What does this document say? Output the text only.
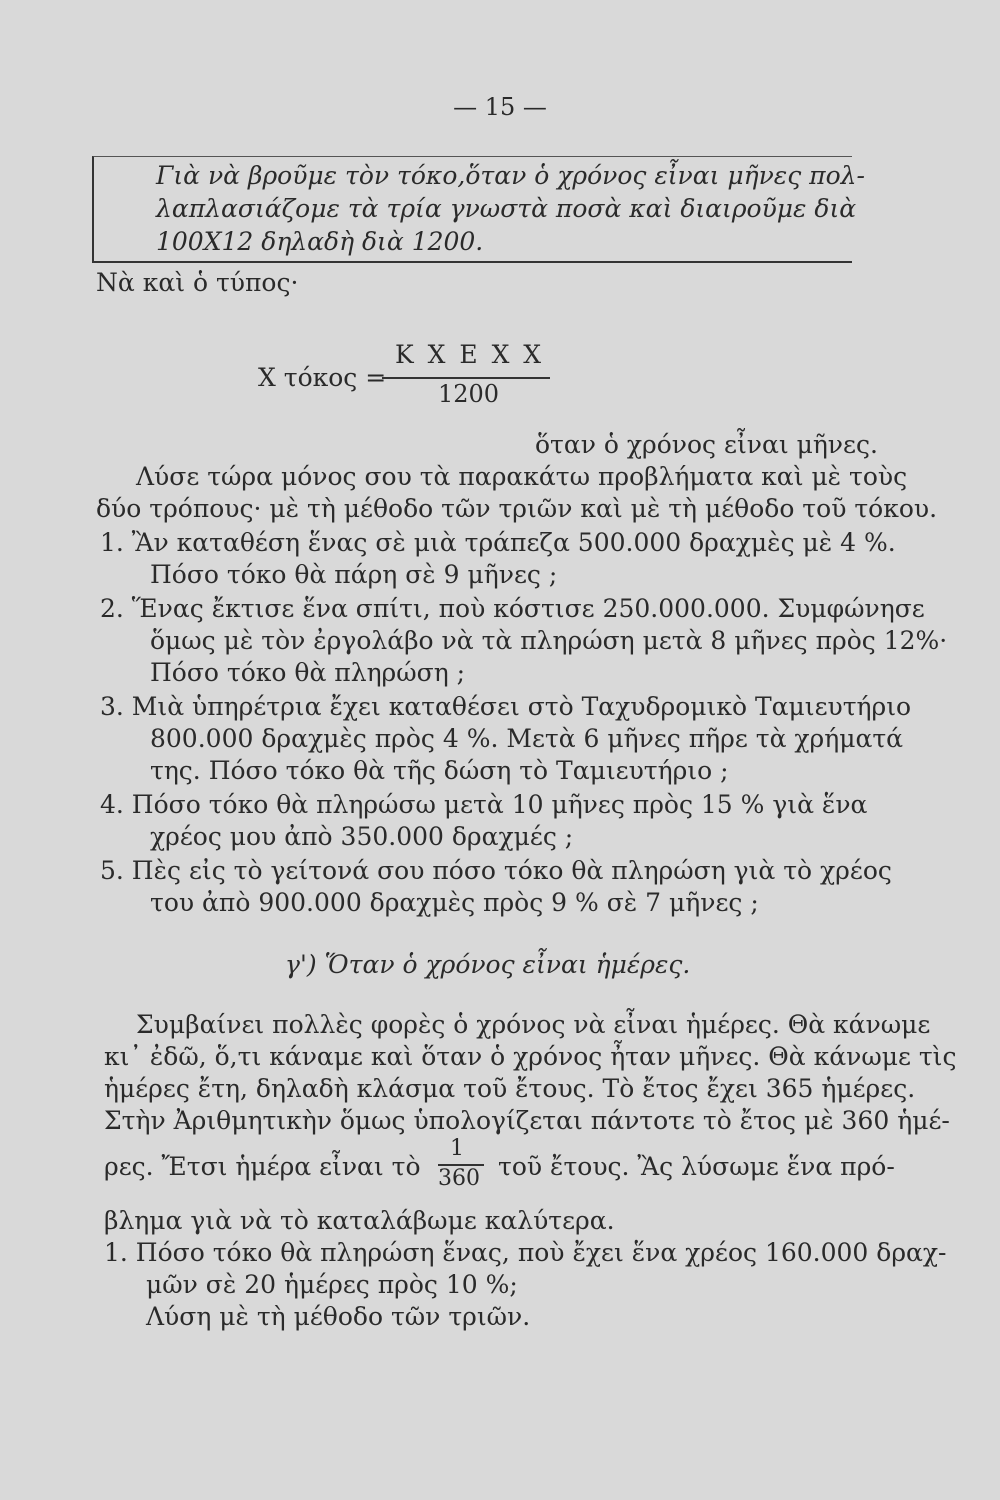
— 15 —
Γιὰ νὰ βροῦμε τὸν τόκο,ὅταν ὁ χρόνος εἶναι μῆνες πολ-
λαπλασιάζομε τὰ τρία γνωστὰ ποσὰ καὶ διαιροῦμε διὰ
100Χ12 δηλαδὴ διὰ 1200.
Νὰ καὶ ὁ τύπος·
Χ τόκος =
Κ Χ Ε Χ Χ
1200
ὅταν ὁ χρόνος εἶναι μῆνες.
Λύσε τώρα μόνος σου τὰ παρακάτω προβλήματα καὶ μὲ τοὺς
δύο τρόπους· μὲ τὴ μέθοδο τῶν τριῶν καὶ μὲ τὴ μέθοδο τοῦ τόκου.
1. Ἂν καταθέση ἕνας σὲ μιὰ τράπεζα 500.000 δραχμὲς μὲ 4 %.
Πόσο τόκο θὰ πάρη σὲ 9 μῆνες ;
2. Ἕνας ἔκτισε ἕνα σπίτι, ποὺ κόστισε 250.000.000. Συμφώνησε
ὅμως μὲ τὸν ἐργολάβο νὰ τὰ πληρώση μετὰ 8 μῆνες πρὸς 12%·
Πόσο τόκο θὰ πληρώση ;
3. Μιὰ ὑπηρέτρια ἔχει καταθέσει στὸ Ταχυδρομικὸ Ταμιευτήριο
800.000 δραχμὲς πρὸς 4 %. Μετὰ 6 μῆνες πῆρε τὰ χρήματά
της. Πόσο τόκο θὰ τῆς δώση τὸ Ταμιευτήριο ;
4. Πόσο τόκο θὰ πληρώσω μετὰ 10 μῆνες πρὸς 15 % γιὰ ἕνα
χρέος μου ἀπὸ 350.000 δραχμές ;
5. Πὲς εἰς τὸ γείτονά σου πόσο τόκο θὰ πληρώση γιὰ τὸ χρέος
του ἀπὸ 900.000 δραχμὲς πρὸς 9 % σὲ 7 μῆνες ;
γ') Ὅταν ὁ χρόνος εἶναι ἡμέρες.
Συμβαίνει πολλὲς φορὲς ὁ χρόνος νὰ εἶναι ἡμέρες. Θὰ κάνωμε
κι᾽ ἐδῶ, ὅ,τι κάναμε καὶ ὅταν ὁ χρόνος ἦταν μῆνες. Θὰ κάνωμε τὶς
ἡμέρες ἔτη, δηλαδὴ κλάσμα τοῦ ἔτους. Τὸ ἔτος ἔχει 365 ἡμέρες.
Στὴν Ἀριθμητικὴν ὅμως ὑπολογίζεται πάντοτε τὸ ἔτος μὲ 360 ἡμέ-
ρες. Ἔτσι ἡμέρα εἶναι τὸ
1
360 τοῦ ἔτους. Ἂς λύσωμε ἕνα πρό-
βλημα γιὰ νὰ τὸ καταλάβωμε καλύτερα.
1. Πόσο τόκο θὰ πληρώση ἕνας, ποὺ ἔχει ἕνα χρέος 160.000 δραχ-
μῶν σὲ 20 ἡμέρες πρὸς 10 %;
Λύση μὲ τὴ μέθοδο τῶν τριῶν.
